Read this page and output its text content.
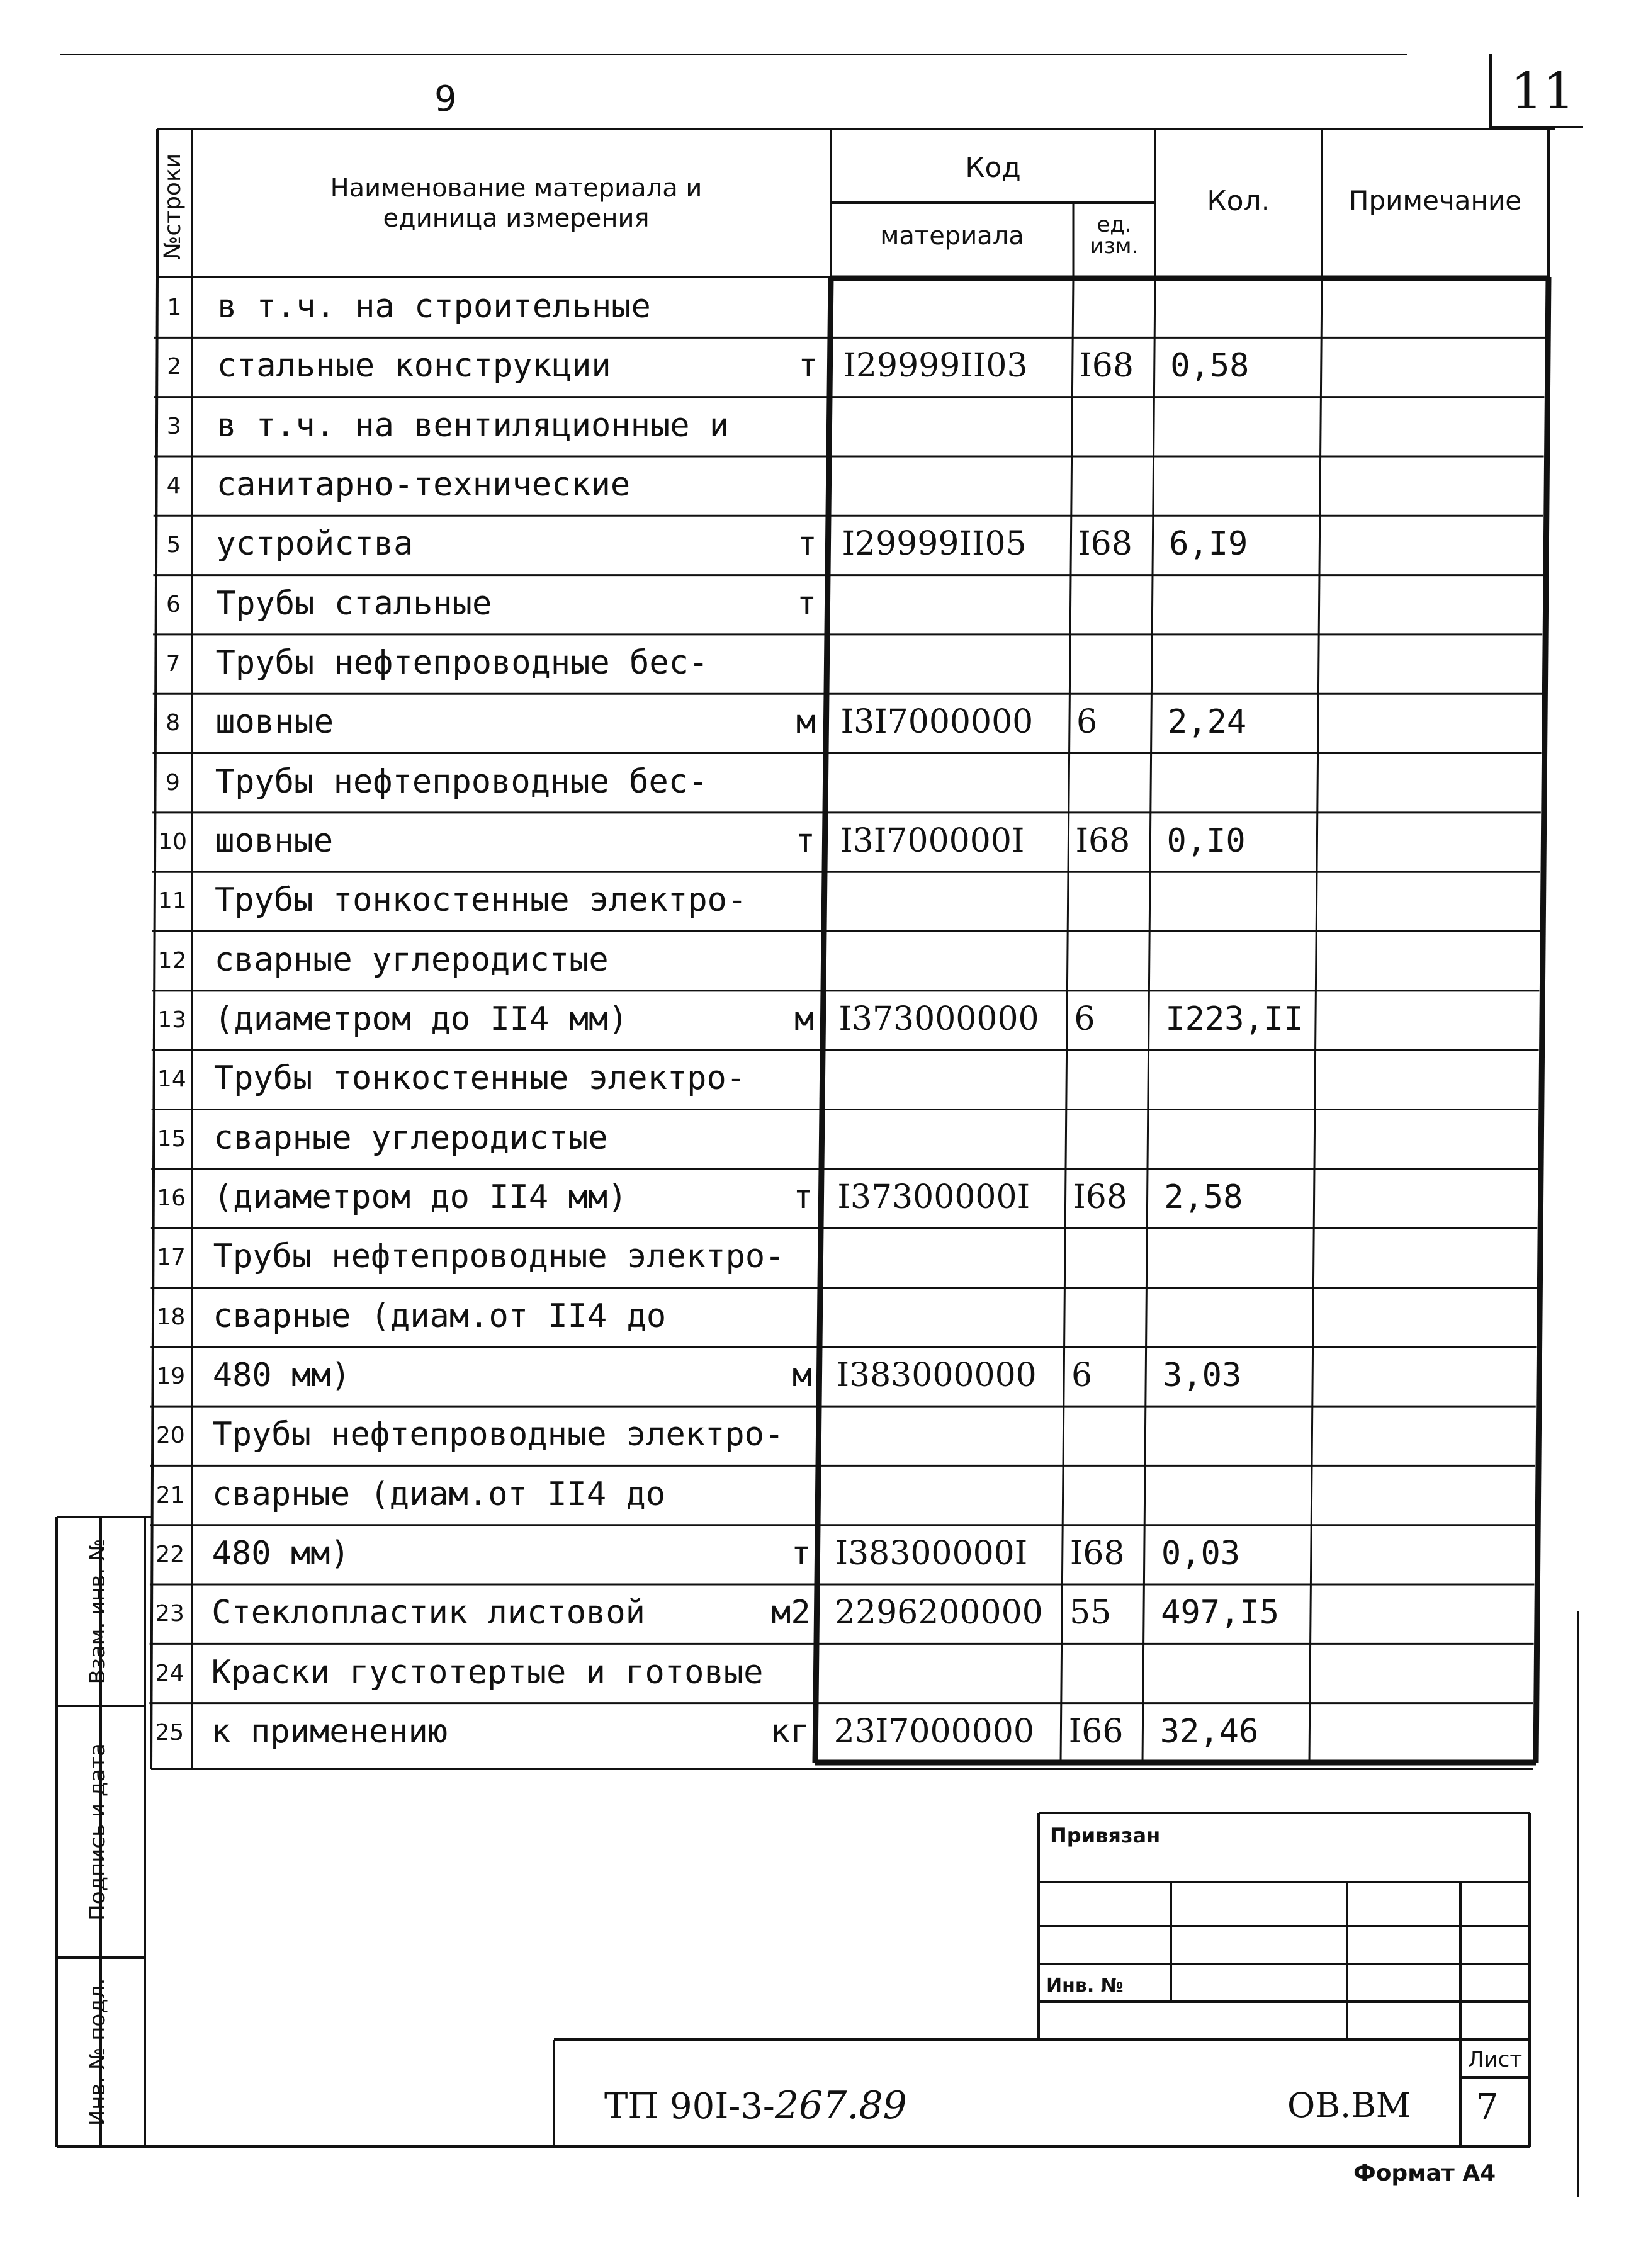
11
9
№строки	Наименование материала и единица измерения
Код
материала	ед. изм.
Кол.	Примечание
1 в т.ч. на строительные
2 стальные конструкции	т I29999II03 I68 0,58
3 в т.ч. на вентиляционные и
4 санитарно-технические
5 устройства	т I29999II05 I68 6,I9
6 Трубы стальные	т
7 Трубы нефтепроводные бес-
8 шовные	м I3I7000000 6 2,24
9 Трубы нефтепроводные бес-
10 шовные	т I3I700000I I68 0,I0
11 Трубы тонкостенные электро-
12 сварные углеродистые
13 (диаметром до II4 мм)	м I373000000 6 I223,II
14 Трубы тонкостенные электро-
15 сварные углеродистые
16 (диаметром до II4 мм)	т I37300000I I68 2,58
17 Трубы нефтепроводные электро-
18 сварные (диам.от II4 до
19 480 мм)	м I383000000 6 3,03
20 Трубы нефтепроводные электро-
21 сварные (диам.от II4 до
22 480 мм)	т I38300000I I68 0,03
23 Стеклопластик листовой	м2 2296200000 55 497,I5
24 Краски густотертые и готовые
25 к применению	кг 23I7000000 I66 32,46
Взам. инв. №
Подпись и дата
Инв. № подл.
Привязан
Инв. №
Лист
7
ТП 90I-3-267.89	ОВ.ВМ
Формат А4
